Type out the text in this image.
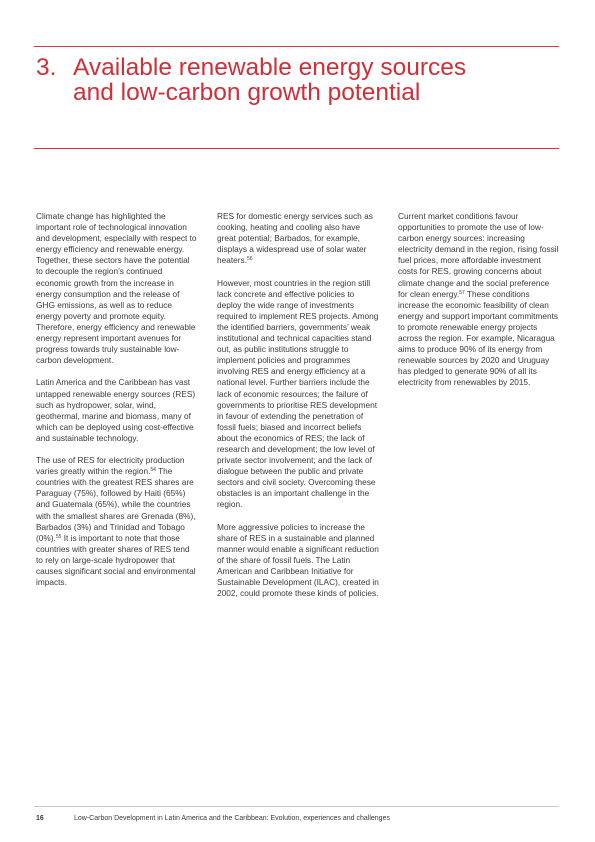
3. Available renewable energy sources
and low-carbon growth potential

Climate change has highlighted the important role of technological innovation and development, especially with respect to energy efficiency and renewable energy. Together, these sectors have the potential to decouple the region’s continued economic growth from the increase in energy consumption and the release of GHG emissions, as well as to reduce energy poverty and promote equity. Therefore, energy efficiency and renewable energy represent important avenues for progress towards truly sustainable low-carbon development.

Latin America and the Caribbean has vast untapped renewable energy sources (RES) such as hydropower, solar, wind, geothermal, marine and biomass, many of which can be deployed using cost-effective and sustainable technology.

The use of RES for electricity production varies greatly within the region.$^{54}$ The countries with the greatest RES shares are Paraguay (75%), followed by Haiti (65%) and Guatemala (65%), while the countries with the smallest shares are Grenada (8%), Barbados (3%) and Trinidad and Tobago (0%).$^{55}$ It is important to note that those countries with greater shares of RES tend to rely on large-scale hydropower that causes significant social and environmental impacts.

RES for domestic energy services such as cooking, heating and cooling also have great potential; Barbados, for example, displays a widespread use of solar water heaters.$^{56}$

However, most countries in the region still lack concrete and effective policies to deploy the wide range of investments required to implement RES projects. Among the identified barriers, governments’ weak institutional and technical capacities stand out, as public institutions struggle to implement policies and programmes involving RES and energy efficiency at a national level. Further barriers include the lack of economic resources; the failure of governments to prioritise RES development in favour of extending the penetration of fossil fuels; biased and incorrect beliefs about the economics of RES; the lack of research and development; the low level of private sector involvement; and the lack of dialogue between the public and private sectors and civil society. Overcoming these obstacles is an important challenge in the region.

More aggressive policies to increase the share of RES in a sustainable and planned manner would enable a significant reduction of the share of fossil fuels. The Latin American and Caribbean Initiative for Sustainable Development (ILAC), created in 2002, could promote these kinds of policies.

Current market conditions favour opportunities to promote the use of low-carbon energy sources: increasing electricity demand in the region, rising fossil fuel prices, more affordable investment costs for RES, growing concerns about climate change and the social preference for clean energy.$^{57}$ These conditions increase the economic feasibility of clean energy and support important commitments to promote renewable energy projects across the region. For example, Nicaragua aims to produce 90% of its energy from renewable sources by 2020 and Uruguay has pledged to generate 90% of all its electricity from renewables by 2015.

16	Low-Carbon Development in Latin America and the Caribbean: Evolution, experiences and challenges
